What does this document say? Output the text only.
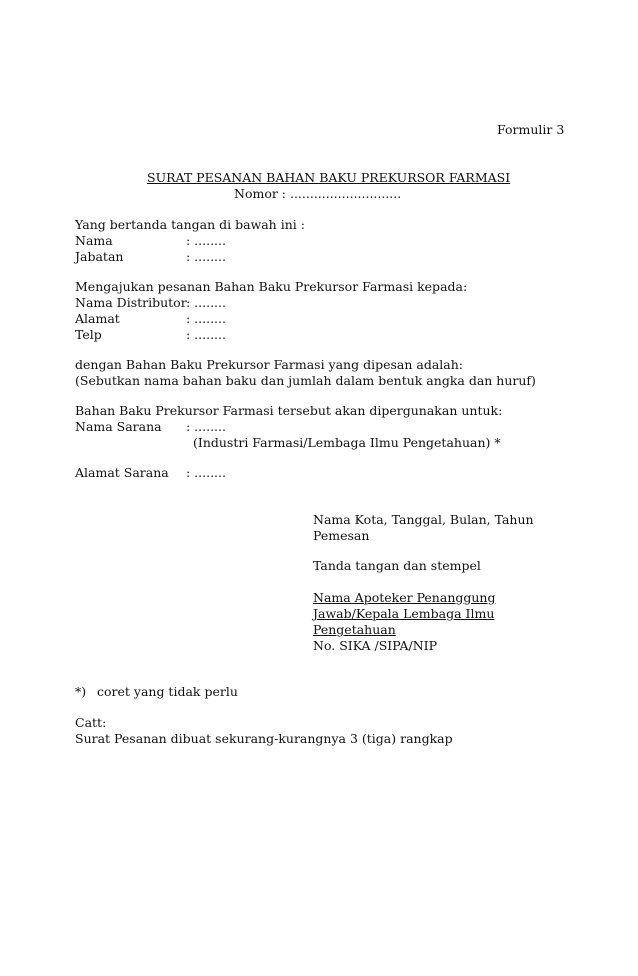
Formulir 3
SURAT PESANAN BAHAN BAKU PREKURSOR FARMASI
Nomor : ............................
Yang bertanda tangan di bawah ini :
Nama	: ........
Jabatan	: ........
Mengajukan pesanan Bahan Baku Prekursor Farmasi kepada:
Nama Distributor : ........
Alamat	: ........
Telp	: ........
dengan Bahan Baku Prekursor Farmasi yang dipesan adalah:
(Sebutkan nama bahan baku dan jumlah dalam bentuk angka dan huruf)
Bahan Baku Prekursor Farmasi tersebut akan dipergunakan untuk:
Nama Sarana : ........
(Industri Farmasi/Lembaga Ilmu Pengetahuan) *
Alamat Sarana : ........
Nama Kota, Tanggal, Bulan, Tahun
Pemesan
Tanda tangan dan stempel
Nama Apoteker Penanggung
Jawab/Kepala Lembaga Ilmu
Pengetahuan
No. SIKA /SIPA/NIP
*) coret yang tidak perlu
Catt:
Surat Pesanan dibuat sekurang-kurangnya 3 (tiga) rangkap
